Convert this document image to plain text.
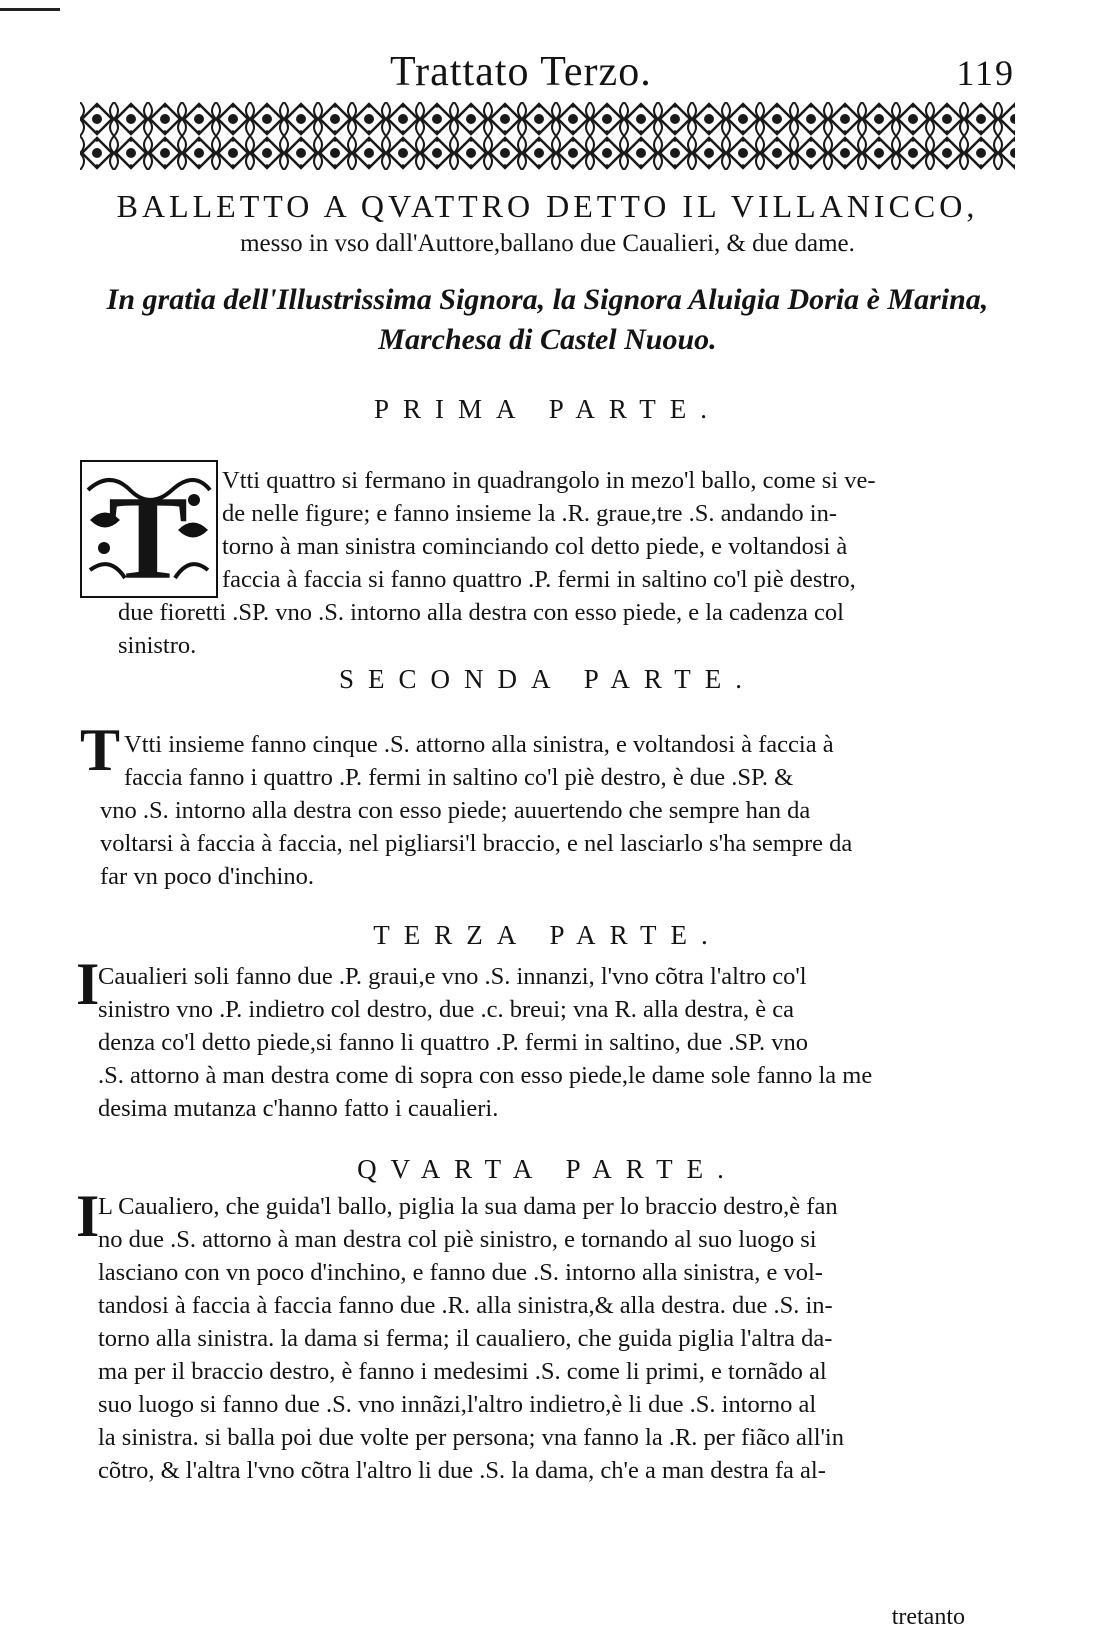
Trattato Terzo.	119
BALLETTO A QVATTRO DETTO IL VILLANICCO,
messo in vso dall'Auttore,ballano due Caualieri, & due dame.
In gratia dell'Illustrissima Signora, la Signora Aluigia Doria è Marina,
Marchesa di Castel Nuouo.
PRIMA PARTE.
T Vtti quattro si fermano in quadrangolo in mezo'l ballo, come si ve-
de nelle figure; e fanno insieme la .R. graue,tre .S. andando in-
torno à man sinistra cominciando col detto piede, e voltandosi à
faccia à faccia si fanno quattro .P. fermi in saltino co'l piè destro,
due fioretti .SP. vno .S. intorno alla destra con esso piede, e la cadenza col
sinistro.
SECONDA PARTE.
T Vtti insieme fanno cinque .S. attorno alla sinistra, e voltandosi à faccia à
faccia fanno i quattro .P. fermi in saltino co'l piè destro, è due .SP. &
vno .S. intorno alla destra con esso piede; auuertendo che sempre han da
voltarsi à faccia à faccia, nel pigliarsi'l braccio, e nel lasciarlo s'ha sempre da
far vn poco d'inchino.
TERZA PARTE.
I
Caualieri soli fanno due .P. graui,e vno .S. innanzi, l'vno cõtra l'altro co'l
sinistro vno .P. indietro col destro, due .c. breui; vna R. alla destra, è ca
denza co'l detto piede,si fanno li quattro .P. fermi in saltino, due .SP. vno
.S. attorno à man destra come di sopra con esso piede,le dame sole fanno la me
desima mutanza c'hanno fatto i caualieri.
QVARTA PARTE.
I
L Caualiero, che guida'l ballo, piglia la sua dama per lo braccio destro,è fan
no due .S. attorno à man destra col piè sinistro, e tornando al suo luogo si
lasciano con vn poco d'inchino, e fanno due .S. intorno alla sinistra, e vol-
tandosi à faccia à faccia fanno due .R. alla sinistra,& alla destra. due .S. in-
torno alla sinistra. la dama si ferma; il caualiero, che guida piglia l'altra da-
ma per il braccio destro, è fanno i medesimi .S. come li primi, e tornãdo al
suo luogo si fanno due .S. vno innãzi,l'altro indietro,è li due .S. intorno al
la sinistra. si balla poi due volte per persona; vna fanno la .R. per fiãco all'in
cõtro, & l'altra l'vno cõtra l'altro li due .S. la dama, ch'e a man destra fa al-
tretanto
